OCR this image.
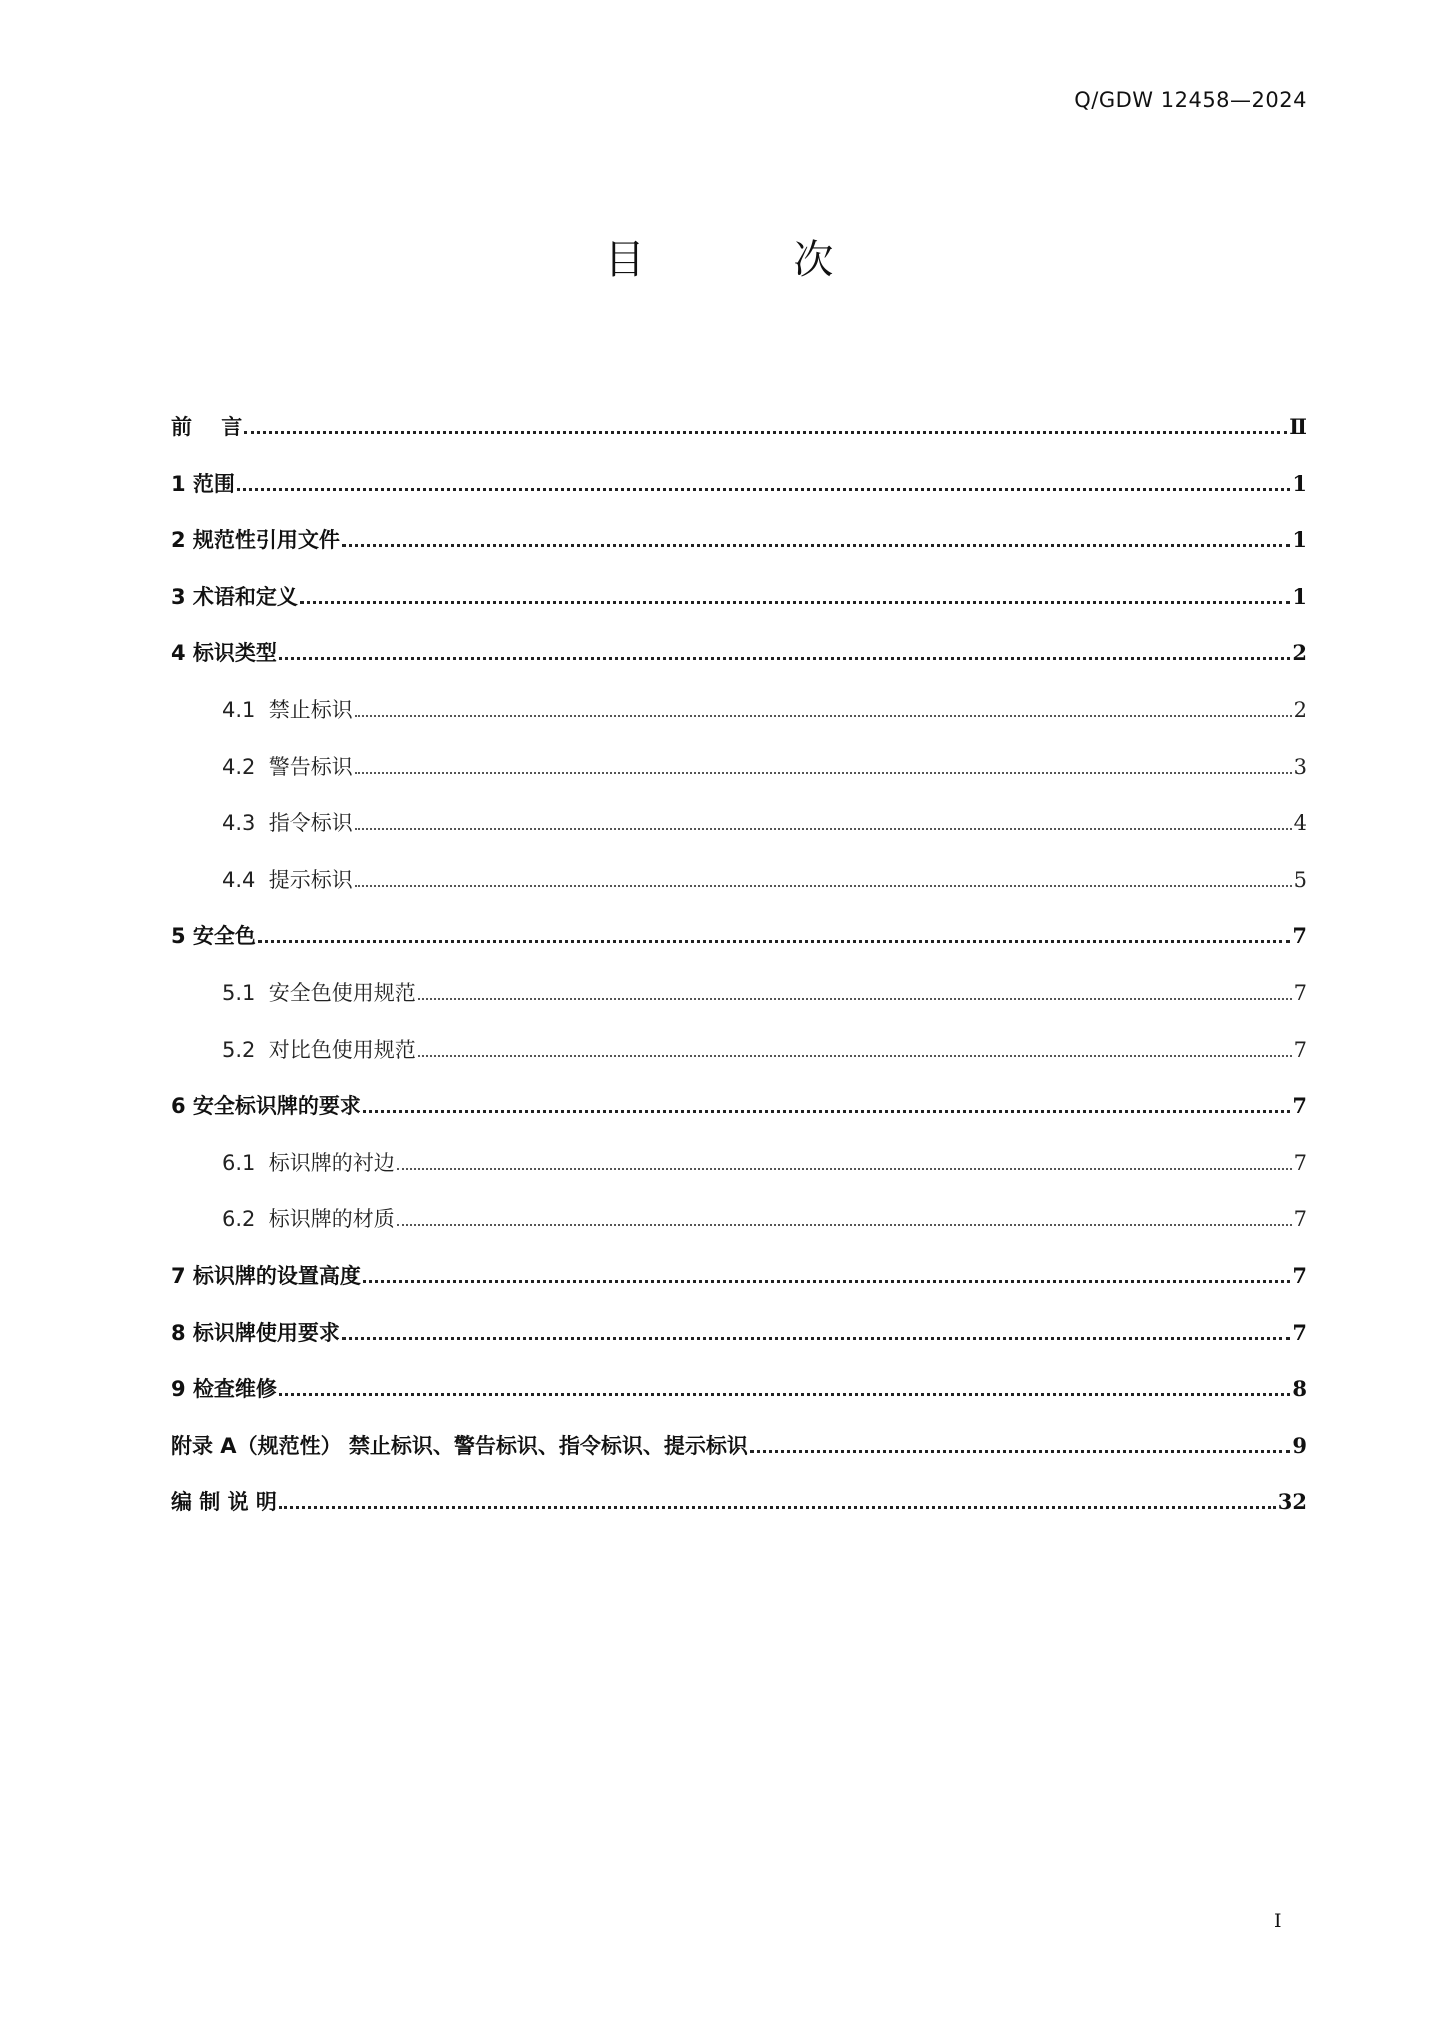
Q/GDW 12458—2024
目 次
前    言	Ⅱ
1 范围	1
2 规范性引用文件	1
3 术语和定义	1
4 标识类型	2
4.1  禁止标识	2
4.2  警告标识	3
4.3  指令标识	4
4.4  提示标识	5
5 安全色	7
5.1  安全色使用规范	7
5.2  对比色使用规范	7
6 安全标识牌的要求	7
6.1  标识牌的衬边	7
6.2  标识牌的材质	7
7 标识牌的设置高度	7
8 标识牌使用要求	7
9 检查维修	8
附录 A（规范性） 禁止标识、警告标识、指令标识、提示标识	9
编 制 说 明	32
I
